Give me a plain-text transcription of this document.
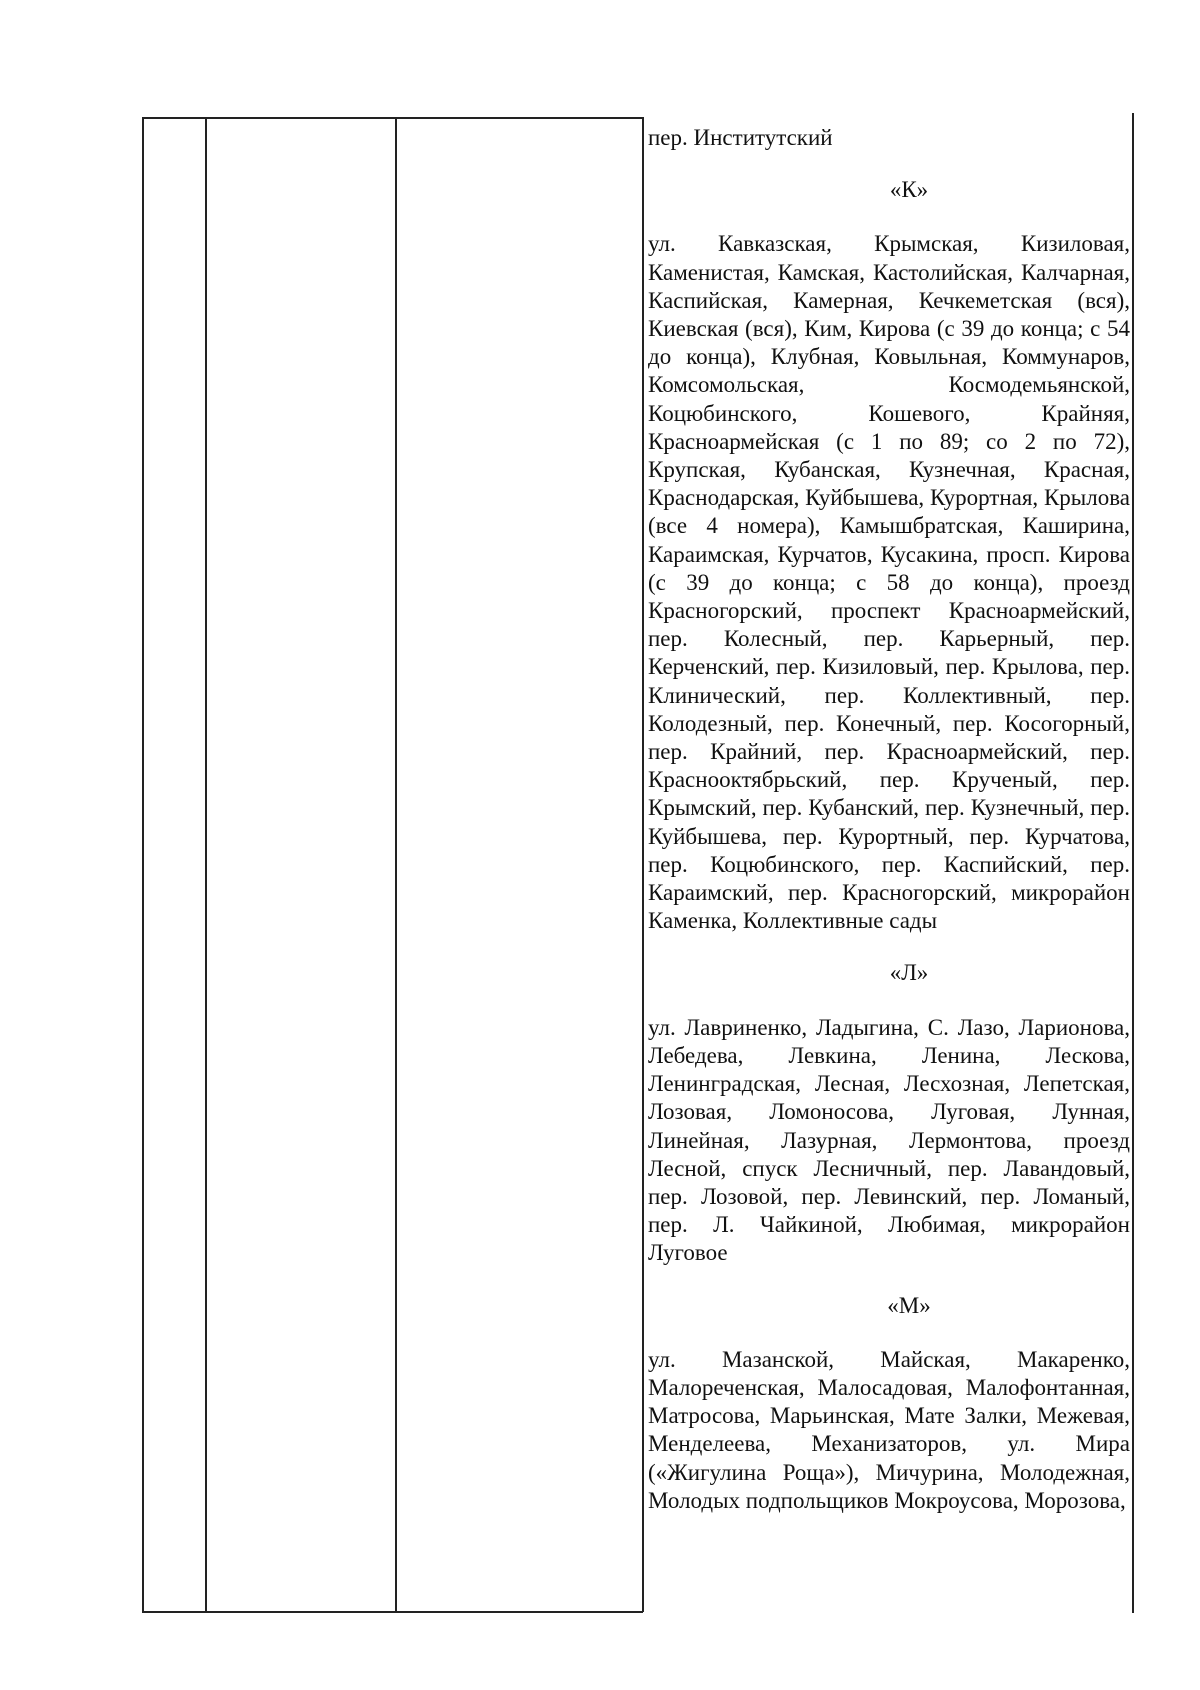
пер. Институтский

«К»

ул. Кавказская, Крымская, Кизиловая, Каменистая, Камская, Кастолийская, Калчарная, Каспийская, Камерная, Кечкеметская (вся), Киевская (вся), Ким, Кирова (с 39 до конца; с 54 до конца), Клубная, Ковыльная, Коммунаров, Комсомольская, Космодемьянской, Коцюбинского, Кошевого, Крайняя, Красноармейская (с 1 по 89; со 2 по 72), Крупская, Кубанская, Кузнечная, Красная, Краснодарская, Куйбышева, Курортная, Крылова (все 4 номера), Камышбратская, Каширина, Караимская, Курчатов, Кусакина, просп. Кирова (с 39 до конца; с 58 до конца), проезд Красногорский, проспект Красноармейский, пер. Колесный, пер. Карьерный, пер. Керченский, пер. Кизиловый, пер. Крылова, пер. Клинический, пер. Коллективный, пер. Колодезный, пер. Конечный, пер. Косогорный, пер. Крайний, пер. Красноармейский, пер. Краснооктябрьский, пер. Крученый, пер. Крымский, пер. Кубанский, пер. Кузнечный, пер. Куйбышева, пер. Курортный, пер. Курчатова, пер. Коцюбинского, пер. Каспийский, пер. Караимский, пер. Красногорский, микрорайон Каменка, Коллективные сады

«Л»

ул. Лавриненко, Ладыгина, С. Лазо, Ларионова, Лебедева, Левкина, Ленина, Лескова, Ленинградская, Лесная, Лесхозная, Лепетская, Лозовая, Ломоносова, Луговая, Лунная, Линейная, Лазурная, Лермонтова, проезд Лесной, спуск Лесничный, пер. Лавандовый, пер. Лозовой, пер. Левинский, пер. Ломаный, пер. Л. Чайкиной, Любимая, микрорайон Луговое

«М»

ул. Мазанской, Майская, Макаренко, Малореченская, Малосадовая, Малофонтанная, Матросова, Марьинская, Мате Залки, Межевая, Менделеева, Механизаторов, ул. Мира («Жигулина Роща»), Мичурина, Молодежная, Молодых подпольщиков Мокроусова, Морозова,
